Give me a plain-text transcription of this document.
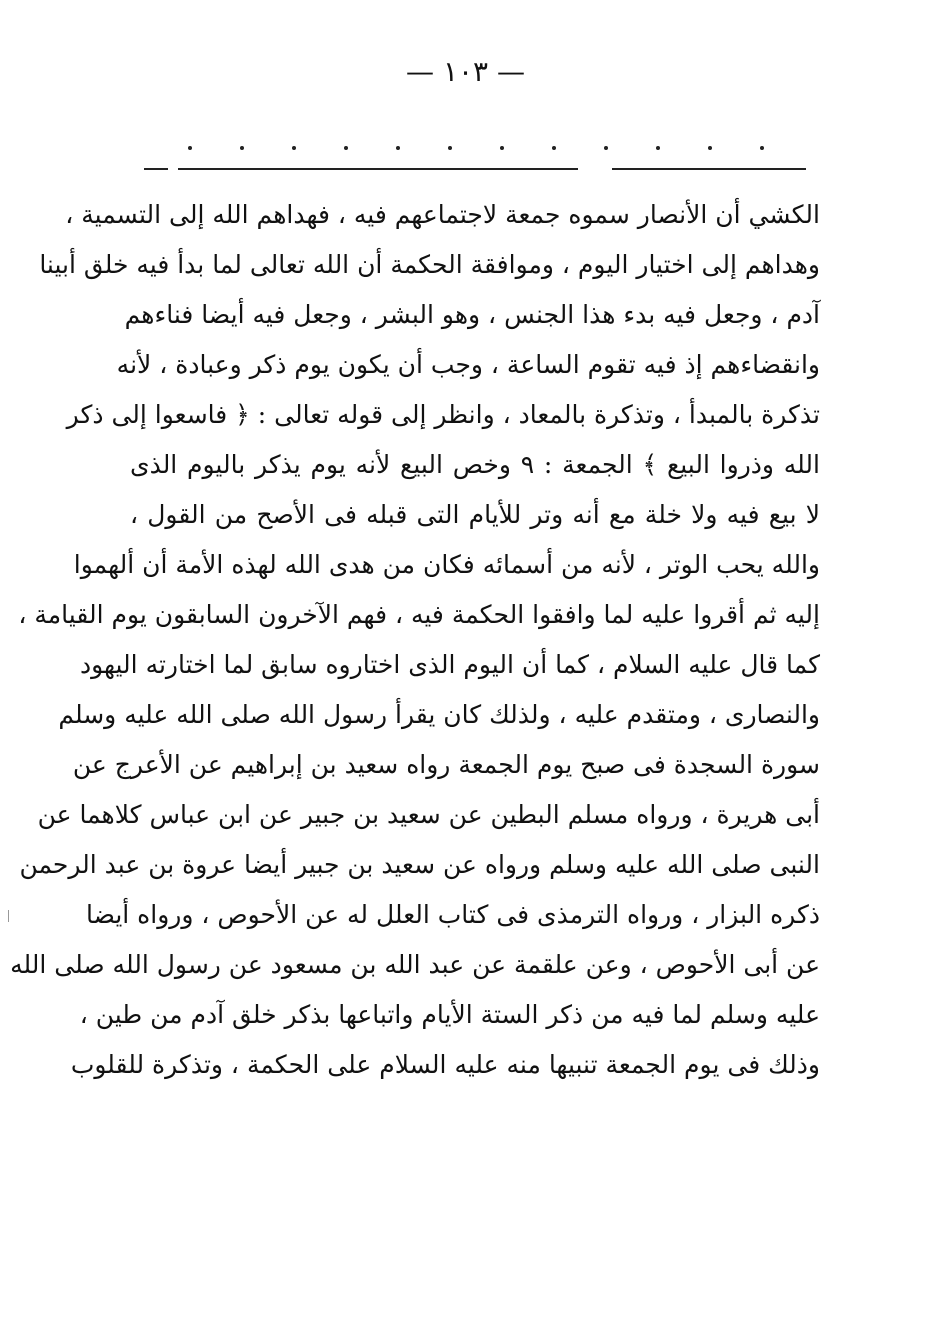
— ١٠٣ —
الكشي أن الأنصار سموه جمعة لاجتماعهم فيه ، فهداهم الله إلى التسمية ،
وهداهم إلى اختيار اليوم ، وموافقة الحكمة أن الله تعالى لما بدأ فيه خلق أبينا
آدم ، وجعل فيه بدء هذا الجنس ، وهو البشر ، وجعل فيه أيضا فناءهم
وانقضاءهم إذ فيه تقوم الساعة ، وجب أن يكون يوم ذكر وعبادة ، لأنه
تذكرة بالمبدأ ، وتذكرة بالمعاد ، وانظر إلى قوله تعالى : ﴿ فاسعوا إلى ذكر
الله وذروا البيع ﴾ الجمعة : ٩ وخص البيع لأنه يوم يذكر باليوم الذى
لا بيع فيه ولا خلة مع أنه وتر للأيام التى قبله فى الأصح من القول ،
والله يحب الوتر ، لأنه من أسمائه فكان من هدى الله لهذه الأمة أن ألهموا
إليه ثم أقروا عليه لما وافقوا الحكمة فيه ، فهم الآخرون السابقون يوم القيامة ،
كما قال عليه السلام ، كما أن اليوم الذى اختاروه سابق لما اختارته اليهود
والنصارى ، ومتقدم عليه ، ولذلك كان يقرأ رسول الله صلى الله عليه وسلم
سورة السجدة فى صبح يوم الجمعة رواه سعيد بن إبراهيم عن الأعرج عن
أبى هريرة ، ورواه مسلم البطين عن سعيد بن جبير عن ابن عباس كلاهما عن
النبى صلى الله عليه وسلم ورواه عن سعيد بن جبير أيضا عروة بن عبد الرحمن
ذكره البزار ، ورواه الترمذى فى كتاب العلل له عن الأحوص ، ورواه أيضا
عن أبى الأحوص ، وعن علقمة عن عبد الله بن مسعود عن رسول الله صلى الله
عليه وسلم لما فيه من ذكر الستة الأيام واتباعها بذكر خلق آدم من طين ،
وذلك فى يوم الجمعة تنبيها منه عليه السلام على الحكمة ، وتذكرة للقلوب
